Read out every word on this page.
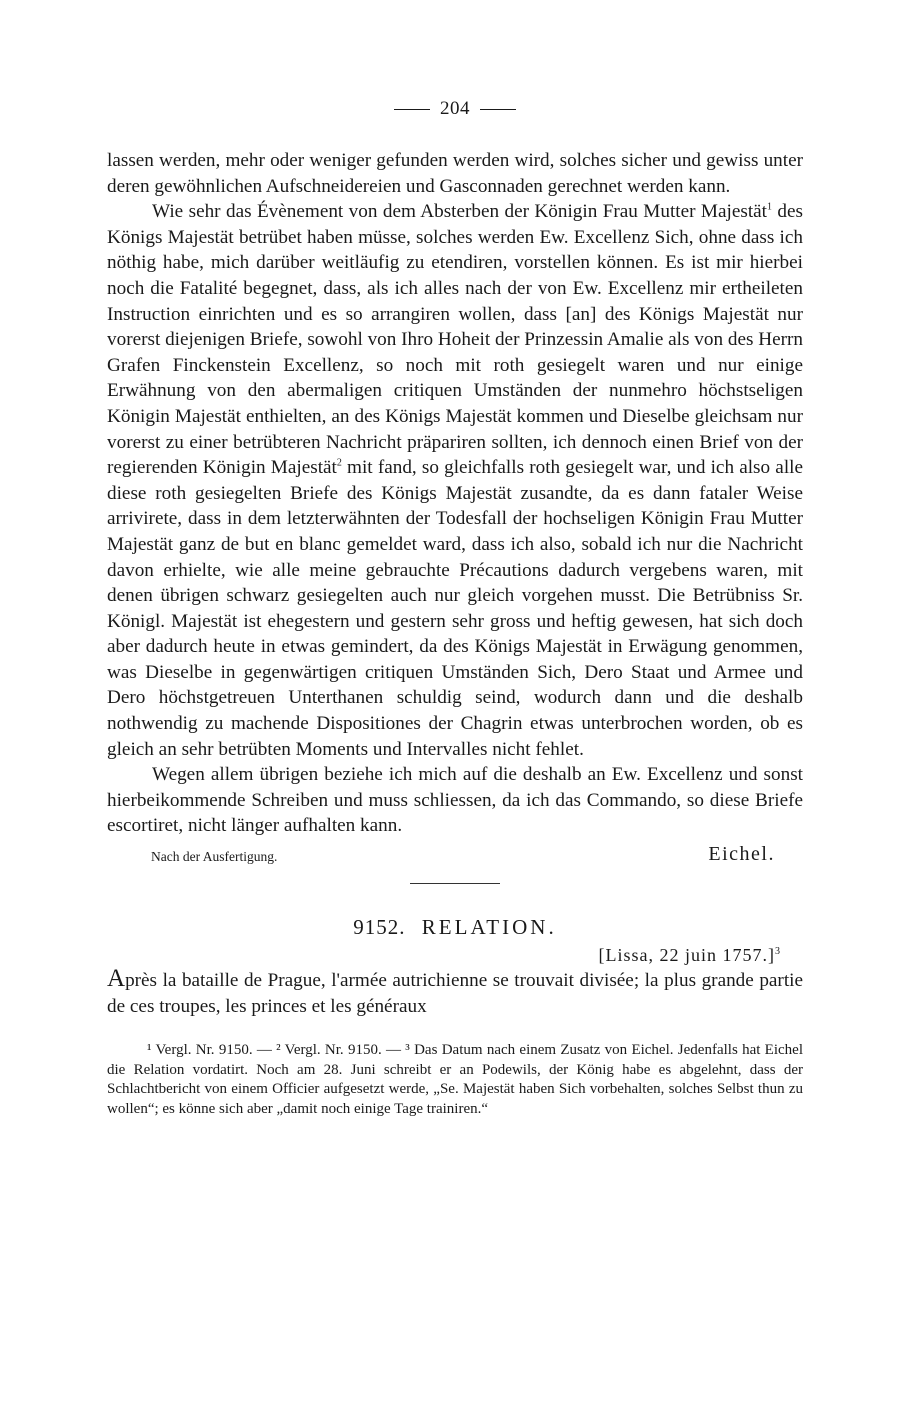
204

lassen werden, mehr oder weniger gefunden werden wird, solches sicher und gewiss unter deren gewöhnlichen Aufschneidereien und Gasconnaden gerechnet werden kann.

Wie sehr das Évènement von dem Absterben der Königin Frau Mutter Majestät$^1$ des Königs Majestät betrübet haben müsse, solches werden Ew. Excellenz Sich, ohne dass ich nöthig habe, mich darüber weitläufig zu etendiren, vorstellen können. Es ist mir hierbei noch die Fatalité begegnet, dass, als ich alles nach der von Ew. Excellenz mir ertheileten Instruction einrichten und es so arrangiren wollen, dass [an] des Königs Majestät nur vorerst diejenigen Briefe, sowohl von Ihro Hoheit der Prinzessin Amalie als von des Herrn Grafen Finckenstein Excellenz, so noch mit roth gesiegelt waren und nur einige Erwähnung von den abermaligen critiquen Umständen der nunmehro höchstseligen Königin Majestät enthielten, an des Königs Majestät kommen und Dieselbe gleichsam nur vorerst zu einer betrübteren Nachricht präpariren sollten, ich dennoch einen Brief von der regierenden Königin Majestät$^2$ mit fand, so gleichfalls roth gesiegelt war, und ich also alle diese roth gesiegelten Briefe des Königs Majestät zusandte, da es dann fataler Weise arrivirete, dass in dem letzterwähnten der Todesfall der hochseligen Königin Frau Mutter Majestät ganz de but en blanc gemeldet ward, dass ich also, sobald ich nur die Nachricht davon erhielte, wie alle meine gebrauchte Précautions dadurch vergebens waren, mit denen übrigen schwarz gesiegelten auch nur gleich vorgehen musst. Die Betrübniss Sr. Königl. Majestät ist ehegestern und gestern sehr gross und heftig gewesen, hat sich doch aber dadurch heute in etwas gemindert, da des Königs Majestät in Erwägung genommen, was Dieselbe in gegenwärtigen critiquen Umständen Sich, Dero Staat und Armee und Dero höchstgetreuen Unterthanen schuldig seind, wodurch dann und die deshalb nothwendig zu machende Dispositiones der Chagrin etwas unterbrochen worden, ob es gleich an sehr betrübten Moments und Intervalles nicht fehlet.

Wegen allem übrigen beziehe ich mich auf die deshalb an Ew. Excellenz und sonst hierbeikommende Schreiben und muss schliessen, da ich das Commando, so diese Briefe escortiret, nicht länger aufhalten kann.

Nach der Ausfertigung.	Eichel.
9152. RELATION.
[Lissa, 22 juin 1757.]$^3$

Après la bataille de Prague, l'armée autrichienne se trouvait divisée; la plus grande partie de ces troupes, les princes et les généraux

¹ Vergl. Nr. 9150. — ² Vergl. Nr. 9150. — ³ Das Datum nach einem Zusatz von Eichel. Jedenfalls hat Eichel die Relation vordatirt. Noch am 28. Juni schreibt er an Podewils, der König habe es abgelehnt, dass der Schlachtbericht von einem Officier aufgesetzt werde, „Se. Majestät haben Sich vorbehalten, solches Selbst thun zu wollen“; es könne sich aber „damit noch einige Tage trainiren.“
